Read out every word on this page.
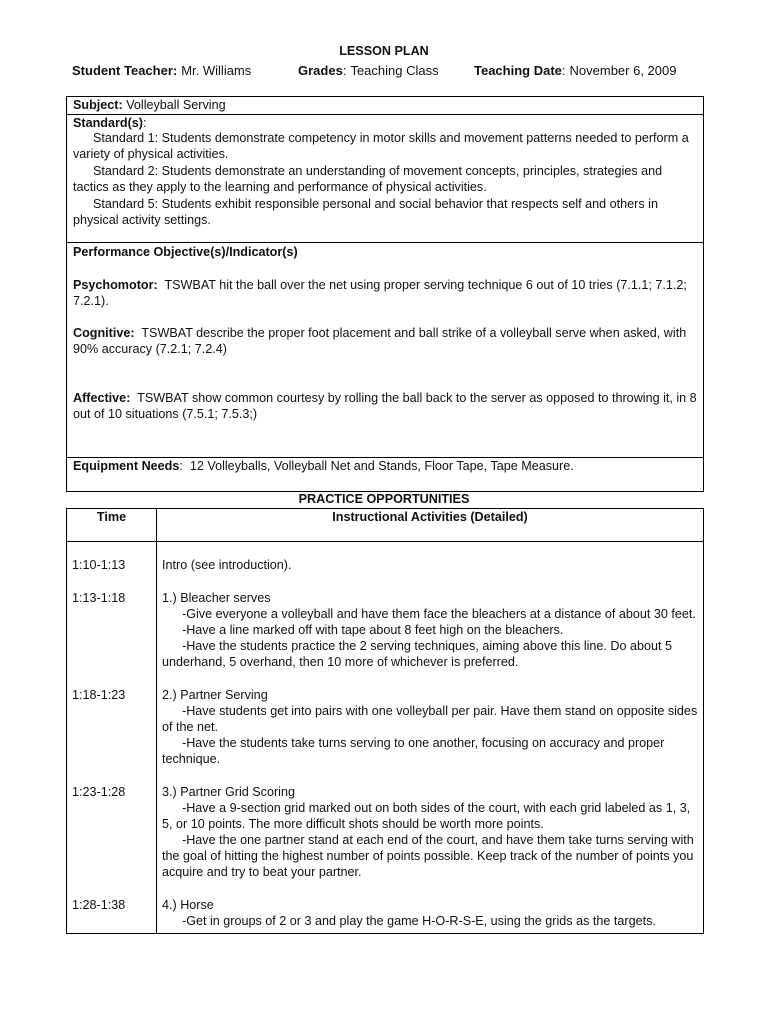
LESSON PLAN
Student Teacher: Mr. Williams	Grades: Teaching Class	Teaching Date: November 6, 2009
Subject: Volleyball Serving
Standard(s):
Standard 1: Students demonstrate competency in motor skills and movement patterns needed to perform a variety of physical activities.
Standard 2: Students demonstrate an understanding of movement concepts, principles, strategies and tactics as they apply to the learning and performance of physical activities.
Standard 5: Students exhibit responsible personal and social behavior that respects self and others in physical activity settings.
Performance Objective(s)/Indicator(s)
Psychomotor: TSWBAT hit the ball over the net using proper serving technique 6 out of 10 tries (7.1.1; 7.1.2; 7.2.1).
Cognitive: TSWBAT describe the proper foot placement and ball strike of a volleyball serve when asked, with 90% accuracy (7.2.1; 7.2.4)
Affective: TSWBAT show common courtesy by rolling the ball back to the server as opposed to throwing it, in 8 out of 10 situations (7.5.1; 7.5.3;)
Equipment Needs:  12 Volleyballs, Volleyball Net and Stands, Floor Tape, Tape Measure.
PRACTICE OPPORTUNITIES
Time	Instructional Activities (Detailed)
1:10-1:13	Intro (see introduction).

1:13-1:18	1.) Bleacher serves

-Give everyone a volleyball and have them face the bleachers at a distance of about 30 feet.

-Have a line marked off with tape about 8 feet high on the bleachers.

-Have the students practice the 2 serving techniques, aiming above this line. Do about 5 underhand, 5 overhand, then 10 more of whichever is preferred.

1:18-1:23	2.) Partner Serving

-Have students get into pairs with one volleyball per pair. Have them stand on opposite sides of the net.

-Have the students take turns serving to one another, focusing on accuracy and proper technique.

1:23-1:28	3.) Partner Grid Scoring

-Have a 9-section grid marked out on both sides of the court, with each grid labeled as 1, 3, 5, or 10 points. The more difficult shots should be worth more points.

-Have the one partner stand at each end of the court, and have them take turns serving with the goal of hitting the highest number of points possible. Keep track of the number of points you acquire and try to beat your partner.

1:28-1:38	4.) Horse

-Get in groups of 2 or 3 and play the game H-O-R-S-E, using the grids as the targets.
